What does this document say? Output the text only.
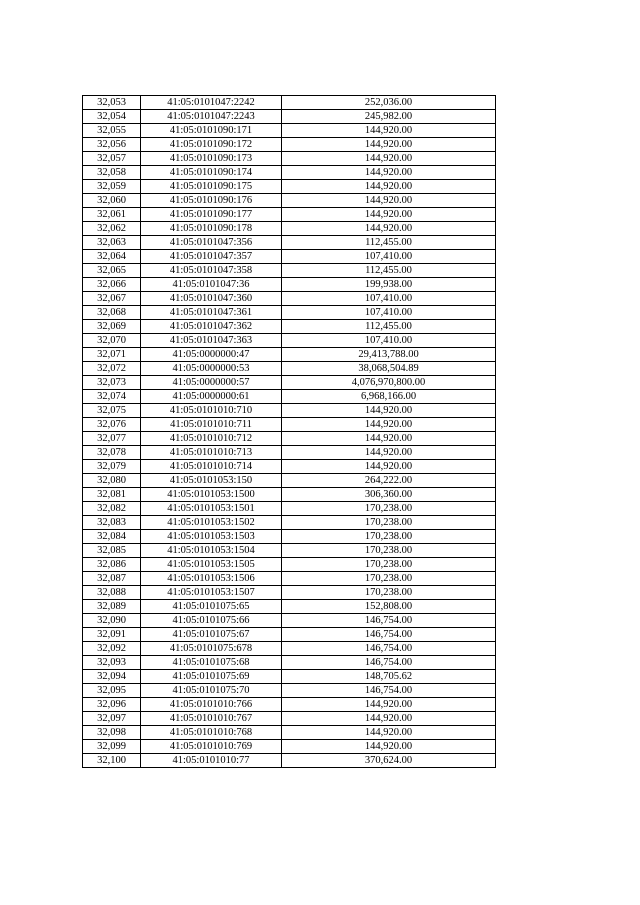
32,053	41:05:0101047:2242	252,036.00
32,054	41:05:0101047:2243	245,982.00
32,055	41:05:0101090:171	144,920.00
32,056	41:05:0101090:172	144,920.00
32,057	41:05:0101090:173	144,920.00
32,058	41:05:0101090:174	144,920.00
32,059	41:05:0101090:175	144,920.00
32,060	41:05:0101090:176	144,920.00
32,061	41:05:0101090:177	144,920.00
32,062	41:05:0101090:178	144,920.00
32,063	41:05:0101047:356	112,455.00
32,064	41:05:0101047:357	107,410.00
32,065	41:05:0101047:358	112,455.00
32,066	41:05:0101047:36	199,938.00
32,067	41:05:0101047:360	107,410.00
32,068	41:05:0101047:361	107,410.00
32,069	41:05:0101047:362	112,455.00
32,070	41:05:0101047:363	107,410.00
32,071	41:05:0000000:47	29,413,788.00
32,072	41:05:0000000:53	38,068,504.89
32,073	41:05:0000000:57	4,076,970,800.00
32,074	41:05:0000000:61	6,968,166.00
32,075	41:05:0101010:710	144,920.00
32,076	41:05:0101010:711	144,920.00
32,077	41:05:0101010:712	144,920.00
32,078	41:05:0101010:713	144,920.00
32,079	41:05:0101010:714	144,920.00
32,080	41:05:0101053:150	264,222.00
32,081	41:05:0101053:1500	306,360.00
32,082	41:05:0101053:1501	170,238.00
32,083	41:05:0101053:1502	170,238.00
32,084	41:05:0101053:1503	170,238.00
32,085	41:05:0101053:1504	170,238.00
32,086	41:05:0101053:1505	170,238.00
32,087	41:05:0101053:1506	170,238.00
32,088	41:05:0101053:1507	170,238.00
32,089	41:05:0101075:65	152,808.00
32,090	41:05:0101075:66	146,754.00
32,091	41:05:0101075:67	146,754.00
32,092	41:05:0101075:678	146,754.00
32,093	41:05:0101075:68	146,754.00
32,094	41:05:0101075:69	148,705.62
32,095	41:05:0101075:70	146,754.00
32,096	41:05:0101010:766	144,920.00
32,097	41:05:0101010:767	144,920.00
32,098	41:05:0101010:768	144,920.00
32,099	41:05:0101010:769	144,920.00
32,100	41:05:0101010:77	370,624.00
